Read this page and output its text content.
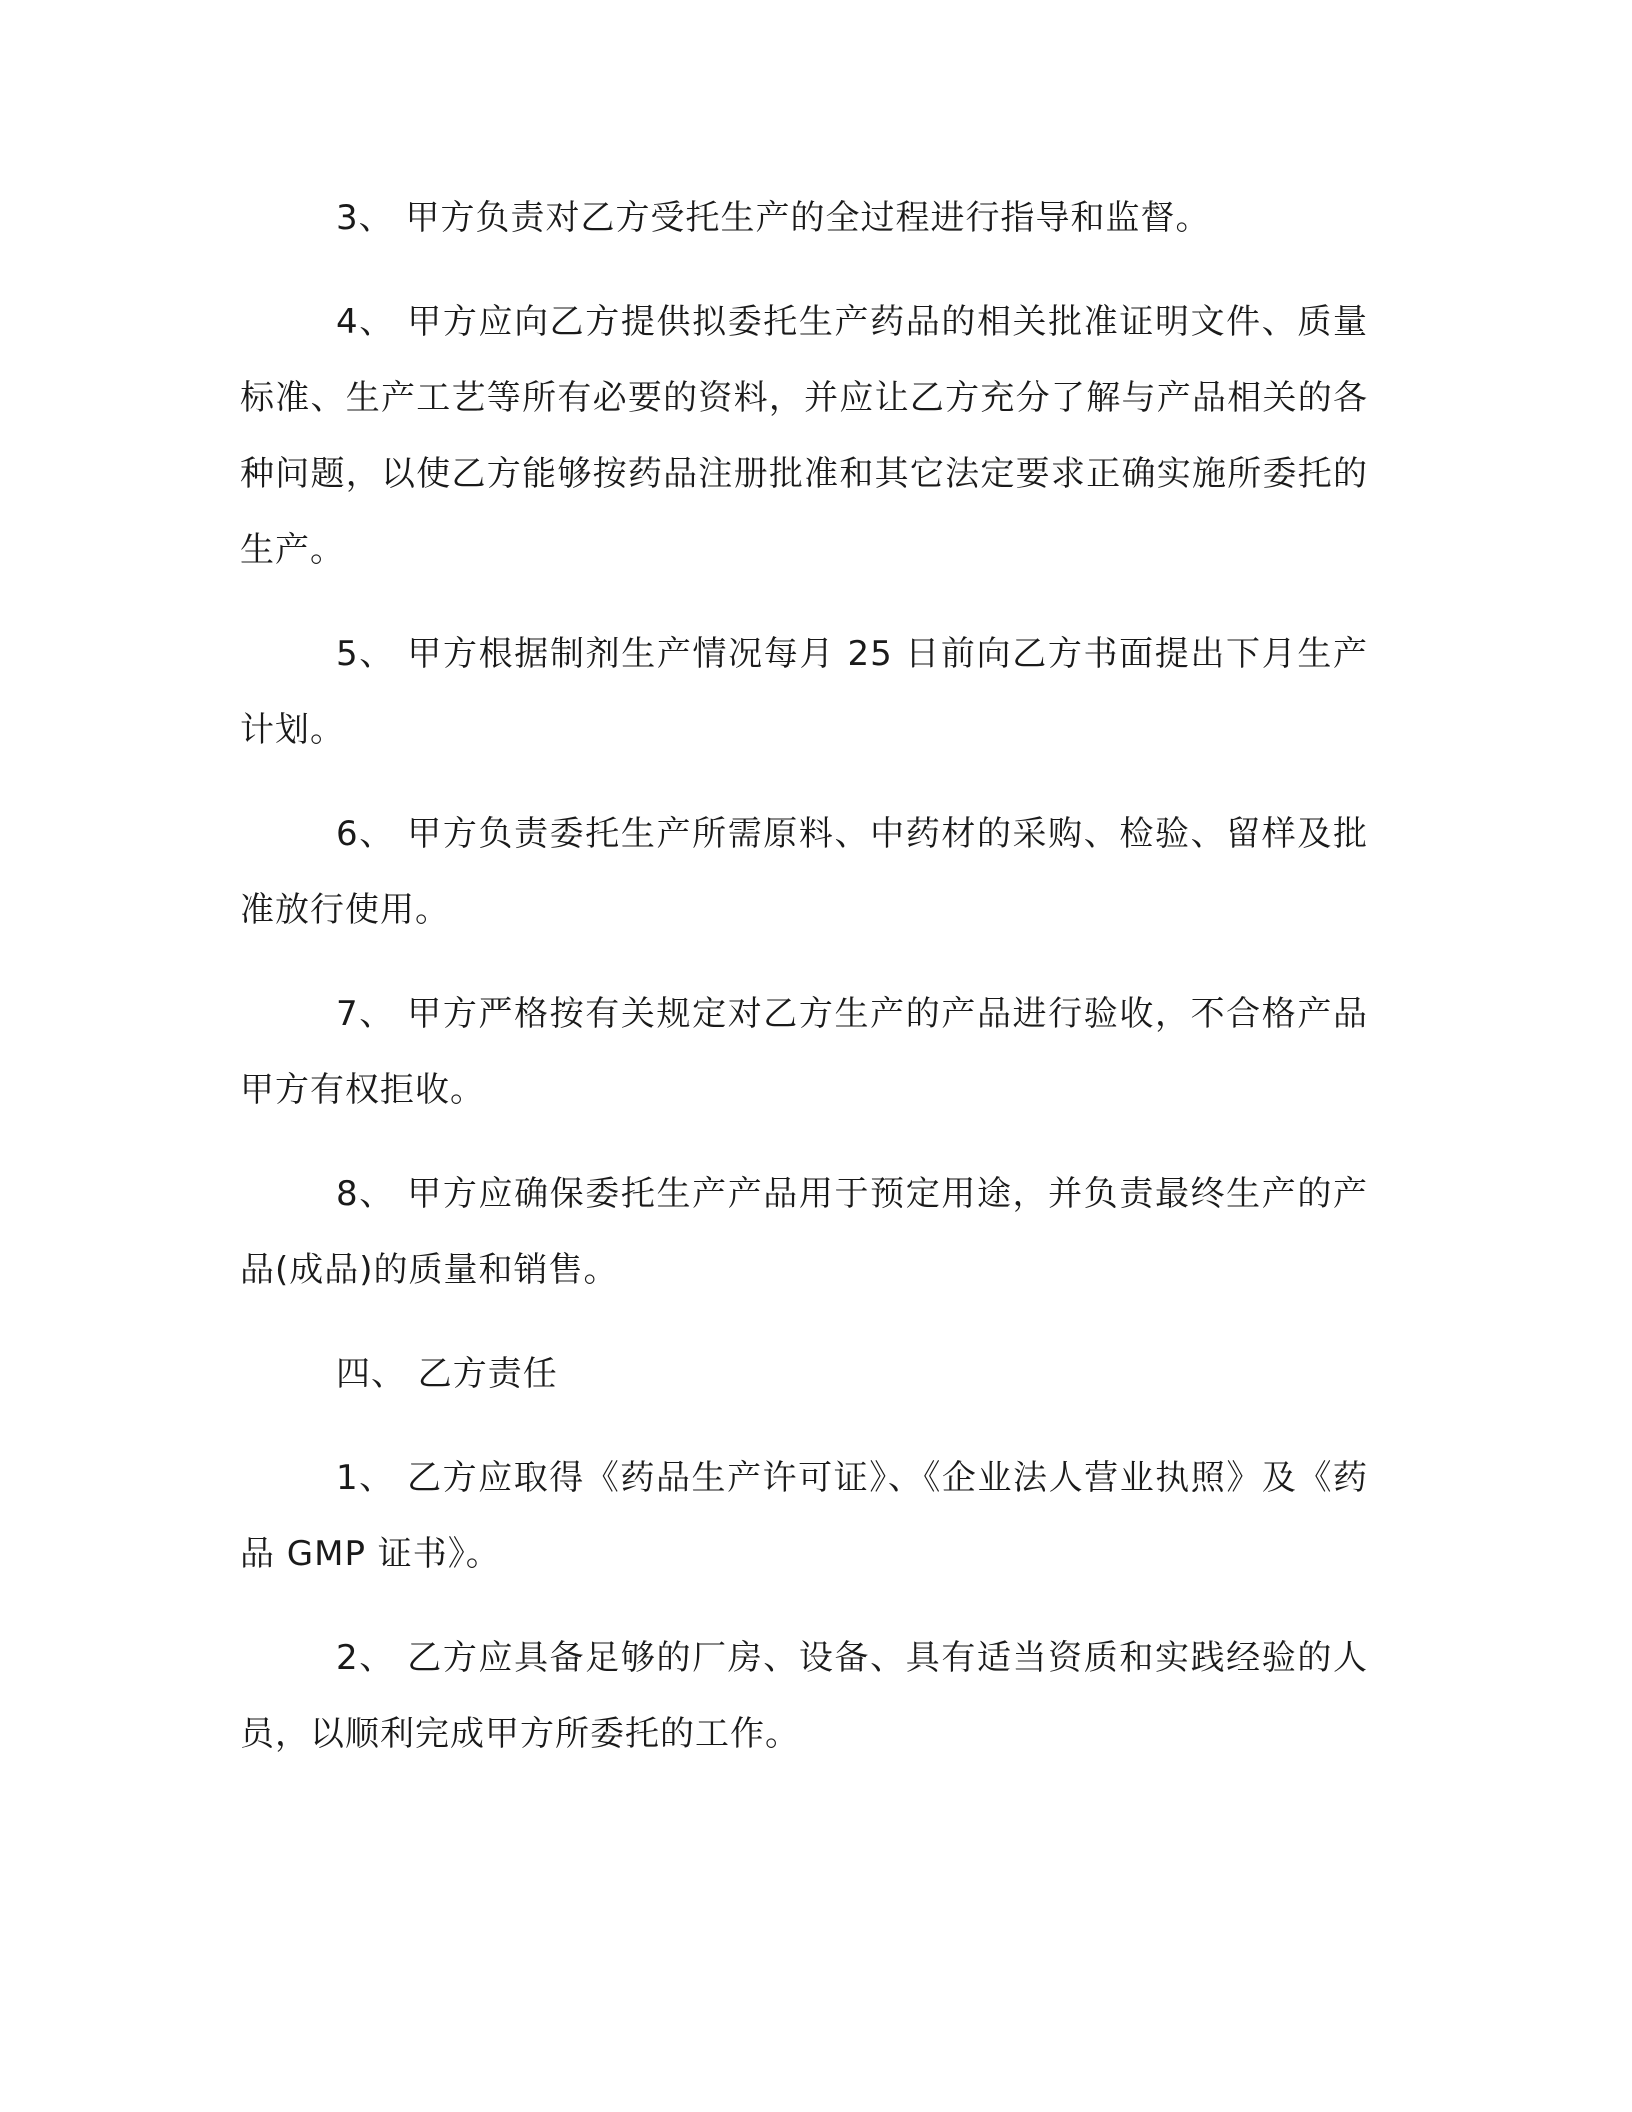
3、 甲方负责对乙方受托生产的全过程进行指导和监督。

4、 甲方应向乙方提供拟委托生产药品的相关批准证明文件、质量标准、生产工艺等所有必要的资料，并应让乙方充分了解与产品相关的各种问题，以使乙方能够按药品注册批准和其它法定要求正确实施所委托的生产。

5、 甲方根据制剂生产情况每月 25 日前向乙方书面提出下月生产计划。

6、 甲方负责委托生产所需原料、中药材的采购、检验、留样及批准放行使用。

7、 甲方严格按有关规定对乙方生产的产品进行验收，不合格产品甲方有权拒收。

8、 甲方应确保委托生产产品用于预定用途，并负责最终生产的产品(成品)的质量和销售。

四、 乙方责任

1、 乙方应取得《药品生产许可证》、《企业法人营业执照》及《药品 GMP 证书》。

2、 乙方应具备足够的厂房、设备、具有适当资质和实践经验的人员，以顺利完成甲方所委托的工作。
